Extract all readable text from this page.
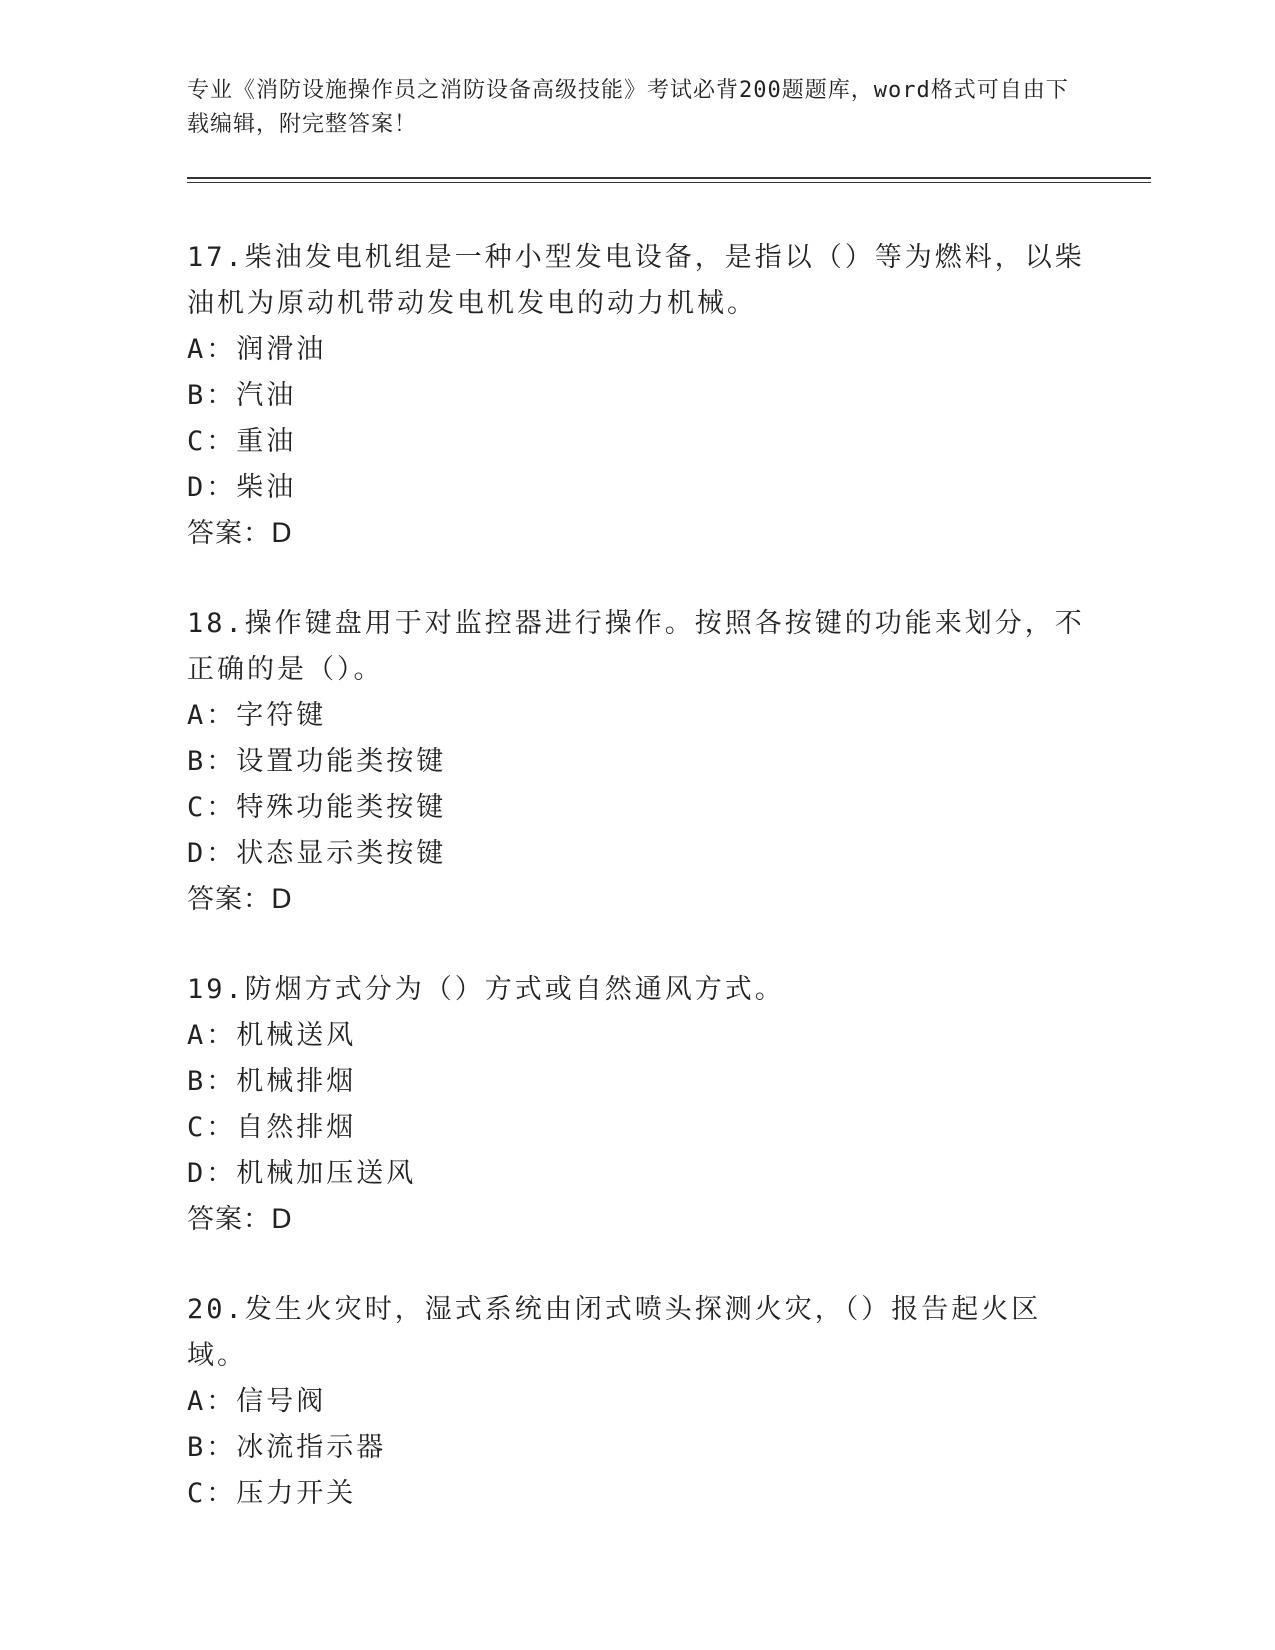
专业《消防设施操作员之消防设备高级技能》考试必背200题题库，word格式可自由下载编辑，附完整答案！
17.柴油发电机组是一种小型发电设备，是指以（）等为燃料，以柴油机为原动机带动发电机发电的动力机械。
A：润滑油
B：汽油
C：重油
D：柴油
答案：D
18.操作键盘用于对监控器进行操作。按照各按键的功能来划分，不正确的是（）。
A：字符键
B：设置功能类按键
C：特殊功能类按键
D：状态显示类按键
答案：D
19.防烟方式分为（）方式或自然通风方式。
A：机械送风
B：机械排烟
C：自然排烟
D：机械加压送风
答案：D
20.发生火灾时，湿式系统由闭式喷头探测火灾，（）报告起火区域。
A：信号阀
B：冰流指示器
C：压力开关
